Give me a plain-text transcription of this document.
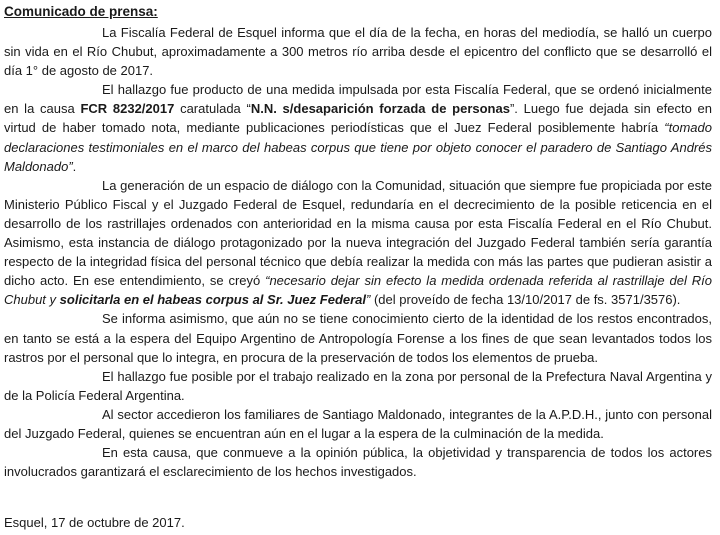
Comunicado de prensa:

La Fiscalía Federal de Esquel informa que el día de la fecha, en horas del mediodía, se halló un cuerpo sin vida en el Río Chubut, aproximadamente a 300 metros río arriba desde el epicentro del conflicto que se desarrolló el día 1° de agosto de 2017.

El hallazgo fue producto de una medida impulsada por esta Fiscalía Federal, que se ordenó inicialmente en la causa FCR 8232/2017 caratulada “N.N. s/desaparición forzada de personas”. Luego fue dejada sin efecto en virtud de haber tomado nota, mediante publicaciones periodísticas que el Juez Federal posiblemente habría “tomado declaraciones testimoniales en el marco del habeas corpus que tiene por objeto conocer el paradero de Santiago Andrés Maldonado”.

La generación de un espacio de diálogo con la Comunidad, situación que siempre fue propiciada por este Ministerio Público Fiscal y el Juzgado Federal de Esquel, redundaría en el decrecimiento de la posible reticencia en el desarrollo de los rastrillajes ordenados con anterioridad en la misma causa por esta Fiscalía Federal en el Río Chubut. Asimismo, esta instancia de diálogo protagonizado por la nueva integración del Juzgado Federal también sería garantía respecto de la integridad física del personal técnico que debía realizar la medida con más las partes que pudieran asistir a dicho acto. En ese entendimiento, se creyó “necesario dejar sin efecto la medida ordenada referida al rastrillaje del Río Chubut y solicitarla en el habeas corpus al Sr. Juez Federal” (del proveído de fecha 13/10/2017 de fs. 3571/3576).

Se informa asimismo, que aún no se tiene conocimiento cierto de la identidad de los restos encontrados, en tanto se está a la espera del Equipo Argentino de Antropología Forense a los fines de que sean levantados todos los rastros por el personal que lo integra, en procura de la preservación de todos los elementos de prueba.

El hallazgo fue posible por el trabajo realizado en la zona por personal de la Prefectura Naval Argentina y de la Policía Federal Argentina.

Al sector accedieron los familiares de Santiago Maldonado, integrantes de la A.P.D.H., junto con personal del Juzgado Federal, quienes se encuentran aún en el lugar a la espera de la culminación de la medida.

En esta causa, que conmueve a la opinión pública, la objetividad y transparencia de todos los actores involucrados garantizará el esclarecimiento de los hechos investigados.

Esquel, 17 de octubre de 2017.
